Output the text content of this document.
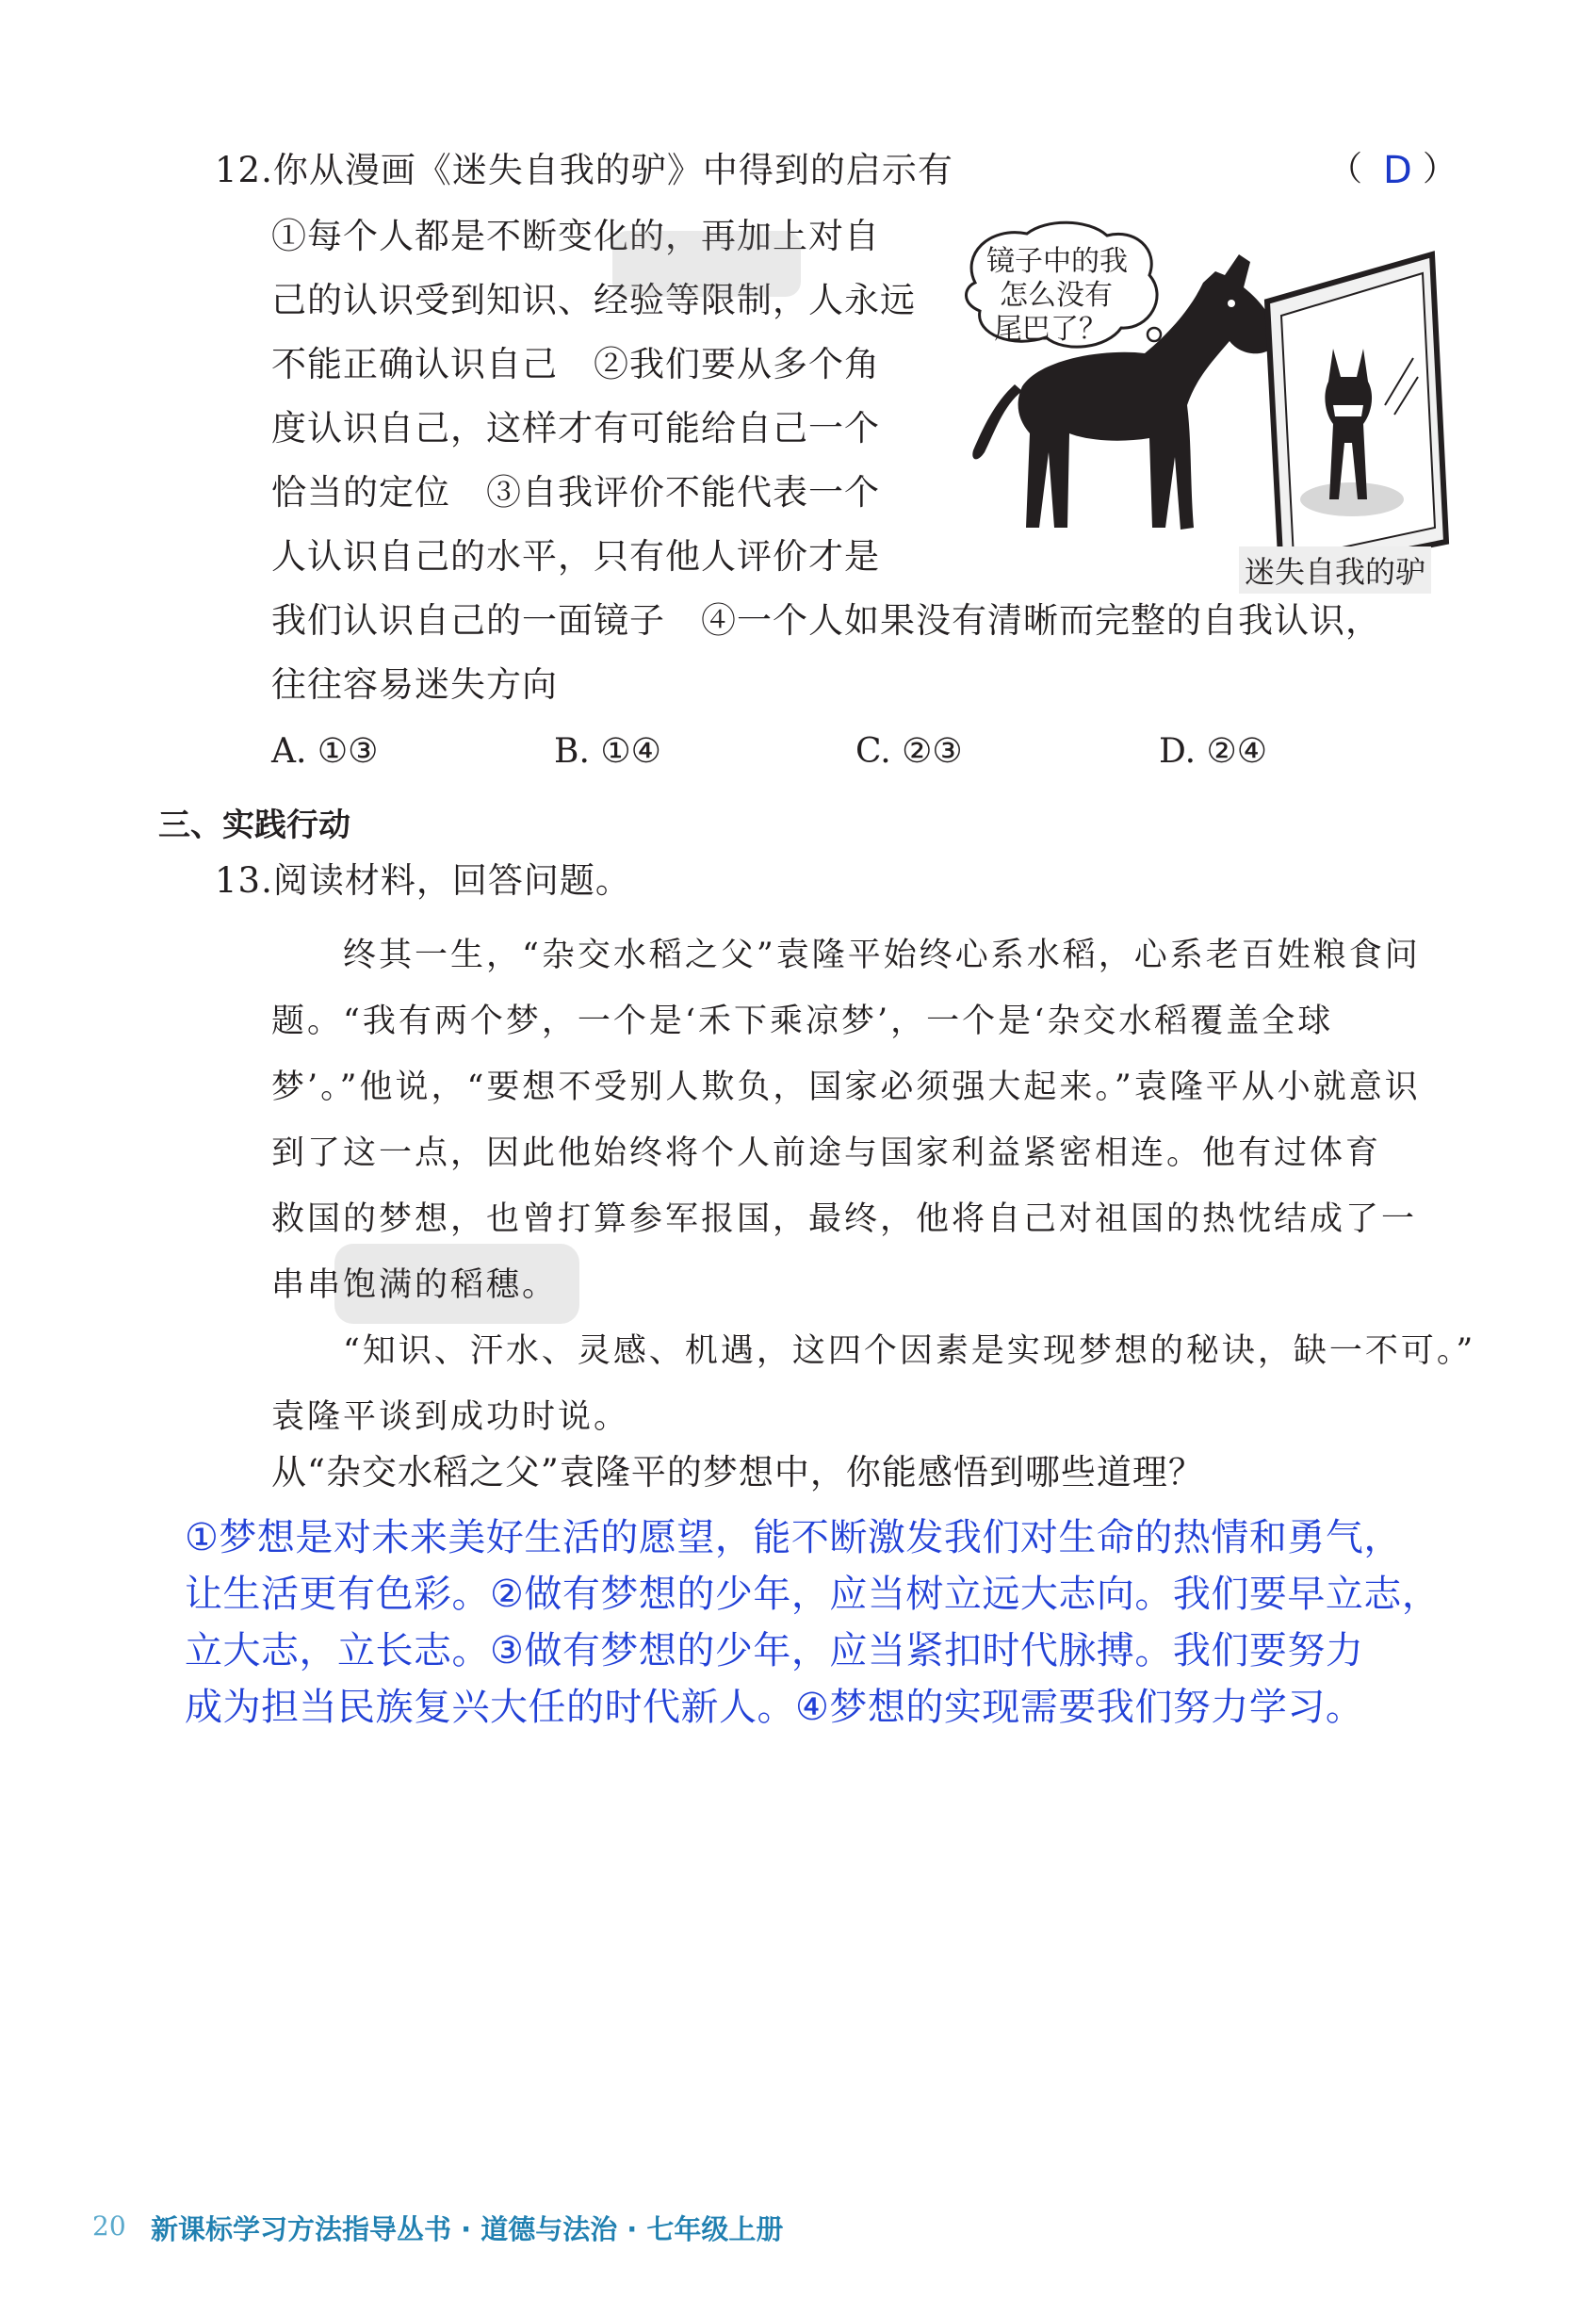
12.你从漫画《迷失自我的驴》中得到的启示有	（ D ）
①每个人都是不断变化的，再加上对自
己的认识受到知识、经验等限制，人永远
不能正确认识自己　②我们要从多个角
度认识自己，这样才有可能给自己一个
恰当的定位　③自我评价不能代表一个
人认识自己的水平，只有他人评价才是
我们认识自己的一面镜子　④一个人如果没有清晰而完整的自我认识，
往往容易迷失方向
A. ①③	B. ①④	C. ②③	D. ②④
镜子中的我
怎么没有
尾巴了？
迷失自我的驴
三、实践行动
13.阅读材料，回答问题。
终其一生，“杂交水稻之父”袁隆平始终心系水稻，心系老百姓粮食问
题。“我有两个梦，一个是‘禾下乘凉梦’，一个是‘杂交水稻覆盖全球
梦’。”他说，“要想不受别人欺负，国家必须强大起来。”袁隆平从小就意识
到了这一点，因此他始终将个人前途与国家利益紧密相连。他有过体育
救国的梦想，也曾打算参军报国，最终，他将自己对祖国的热忱结成了一
串串饱满的稻穗。
“知识、汗水、灵感、机遇，这四个因素是实现梦想的秘诀，缺一不可。”
袁隆平谈到成功时说。
从“杂交水稻之父”袁隆平的梦想中，你能感悟到哪些道理？
①梦想是对未来美好生活的愿望，能不断激发我们对生命的热情和勇气，
让生活更有色彩。②做有梦想的少年，应当树立远大志向。我们要早立志，
立大志，立长志。③做有梦想的少年，应当紧扣时代脉搏。我们要努力
成为担当民族复兴大任的时代新人。④梦想的实现需要我们努力学习。
20 新课标学习方法指导丛书 · 道德与法治 · 七年级上册
